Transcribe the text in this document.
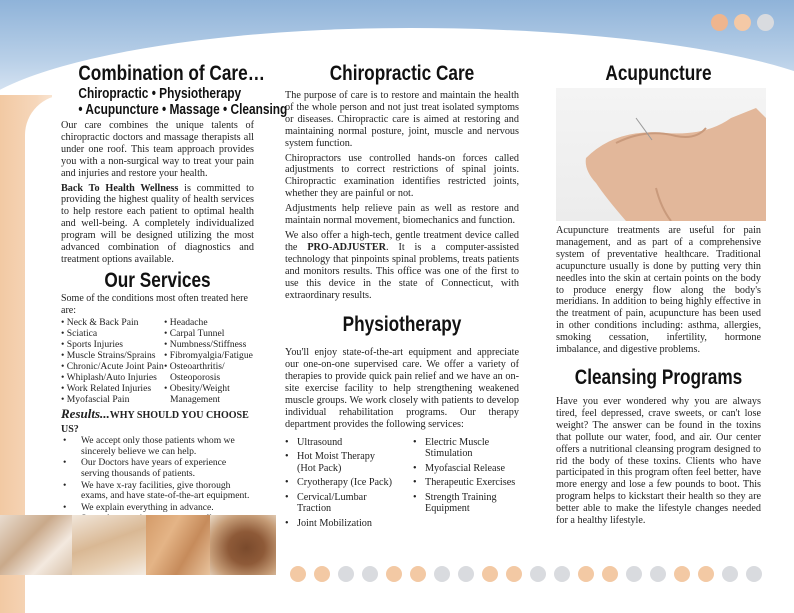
Combination of Care…
Chiropractic • Physiotherapy
• Acupuncture • Massage • Cleansing

Our care combines the unique talents of chiropractic doctors and massage therapists all under one roof. This team approach provides you with a non-surgical way to treat your pain and injuries and restore your health.

Back To Health Wellness is committed to providing the highest quality of health services to help restore each patient to optimal health and well-being. A completely individualized program will be designed utilizing the most advanced combination of diagnostics and treatment options available.

Our Services
Some of the conditions most often treated here are:
• Neck & Back Pain
• Sciatica
• Sports Injuries
• Muscle Strains/Sprains
• Chronic/Acute Joint Pain
• Whiplash/Auto Injuries
• Work Related Injuries
• Myofascial Pain
• Headache
• Carpal Tunnel
• Numbness/Stiffness
• Fibromyalgia/Fatigue
• Osteoarthritis/
Osteoporosis
• Obesity/Weight
Management
Results...WHY SHOULD YOU CHOOSE US?
• We accept only those patients whom we sincerely believe we can help.
• Our Doctors have years of experience serving thousands of patients.
• We have x-ray facilities, give thorough exams, and have state-of-the-art equipment.
• We explain everything in advance.
•
•
Chiropractic Care

The purpose of care is to restore and maintain the health of the whole person and not just treat isolated symptoms or diseases. Chiropractic care is aimed at restoring and maintaining normal posture, joint, muscle and nervous system function.

Chiropractors use controlled hands-on forces called adjustments to correct restrictions of spinal joints. Chiropractic examination identifies restricted joints, whether they are painful or not.

Adjustments help relieve pain as well as restore and maintain normal movement, biomechanics and function.

We also offer a high-tech, gentle treatment device called the PRO-ADJUSTER. It is a computer-assisted technology that pinpoints spinal problems, treats patients and monitors results. This office was one of the first to use this device in the state of Connecticut, with extraordinary results.

Physiotherapy

You'll enjoy state-of-the-art equipment and appreciate our one-on-one supervised care. We offer a variety of therapies to provide quick pain relief and we have an on-site exercise facility to help strengthening weakened muscle groups. We work closely with patients to develop individual rehabilitation programs. Our therapy department provides the following services:

• Ultrasound
• Hot Moist Therapy (Hot Pack)
• Cryotherapy (Ice Pack)
• Cervical/Lumbar Traction
• Joint Mobilization
• Electric Muscle Stimulation
• Myofascial Release
• Therapeutic Exercises
• Strength Training Equipment
Acupuncture

Acupuncture treatments are useful for pain management, and as part of a comprehensive system of preventative healthcare. Traditional acupuncture usually is done by putting very thin needles into the skin at certain points on the body to produce energy flow along the body's meridians. In addition to being highly effective in the treatment of pain, acupuncture has been used in other conditions including: asthma, allergies, smoking cessation, infertility, hormone imbalance, and digestive problems.

Cleansing Programs

Have you ever wondered why you are always tired, feel depressed, crave sweets, or can't lose weight? The answer can be found in the toxins that pollute our water, food, and air. Our center offers a nutritional cleansing program designed to rid the body of these toxins. Clients who have participated in this program often feel better, have more energy and lose a few pounds to boot. This program helps to kickstart their health so they are better able to make the lifestyle changes needed for a healthy lifestyle.
